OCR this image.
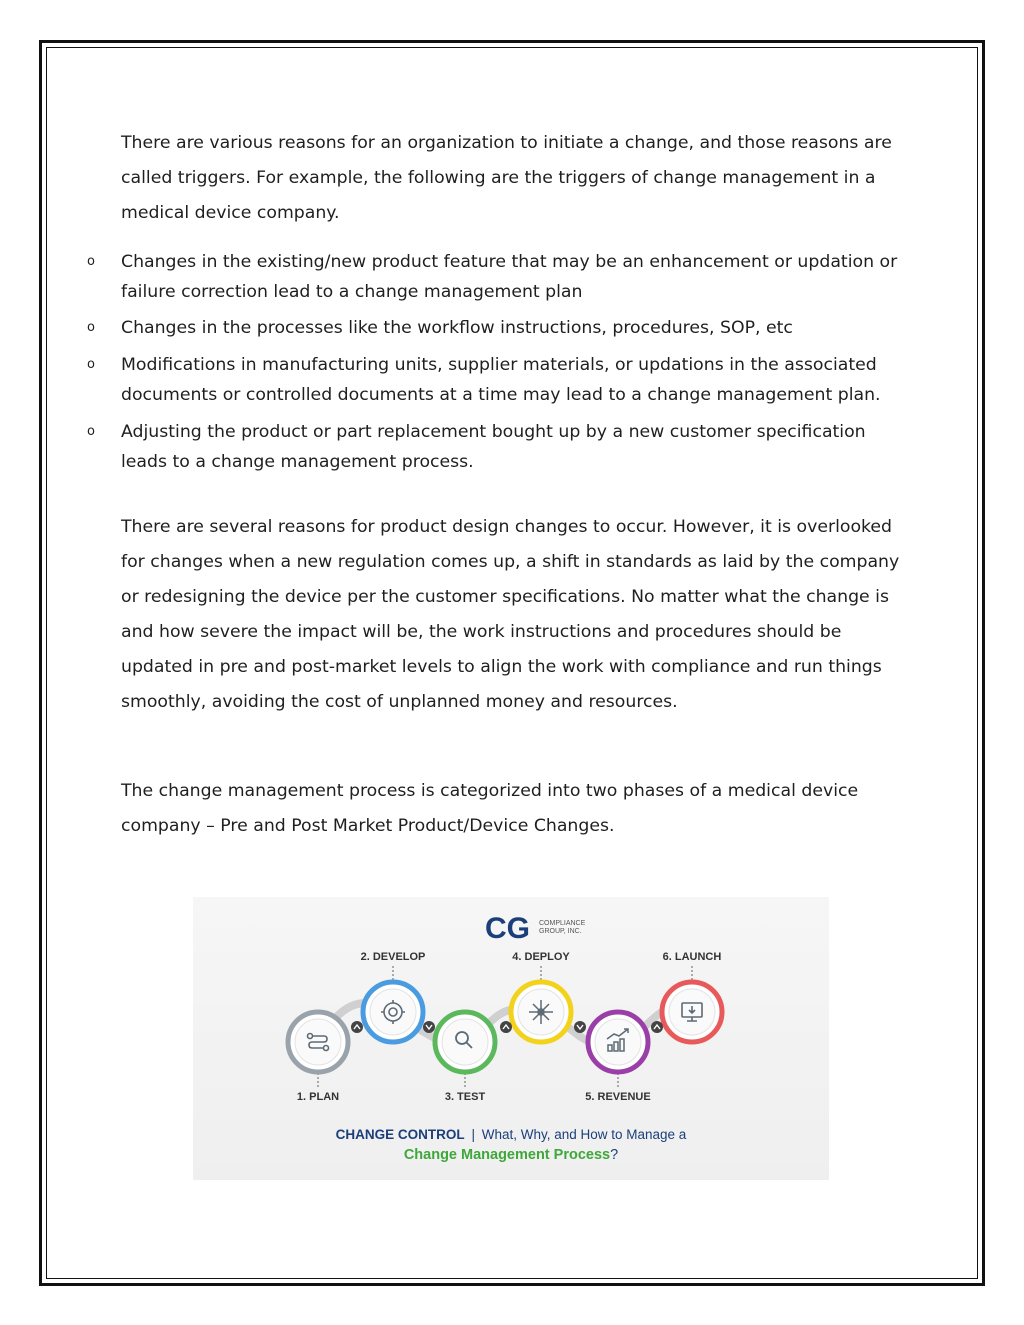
There are various reasons for an organization to initiate a change, and those reasons are called triggers. For example, the following are the triggers of change management in a medical device company.

o Changes in the existing/new product feature that may be an enhancement or updation or failure correction lead to a change management plan
o Changes in the processes like the workflow instructions, procedures, SOP, etc
o Modifications in manufacturing units, supplier materials, or updations in the associated documents or controlled documents at a time may lead to a change management plan.
o Adjusting the product or part replacement bought up by a new customer specification leads to a change management process.

There are several reasons for product design changes to occur. However, it is overlooked for changes when a new regulation comes up, a shift in standards as laid by the company or redesigning the device per the customer specifications. No matter what the change is and how severe the impact will be, the work instructions and procedures should be updated in pre and post-market levels to align the work with compliance and run things smoothly, avoiding the cost of unplanned money and resources.

The change management process is categorized into two phases of a medical device company – Pre and Post Market Product/Device Changes.

CG COMPLIANCE
GROUP, INC.
1. PLAN
2. DEVELOP
3. TEST
4. DEPLOY
5. REVENUE
6. LAUNCH
CHANGE CONTROL | What, Why, and How to Manage a
Change Management Process?
